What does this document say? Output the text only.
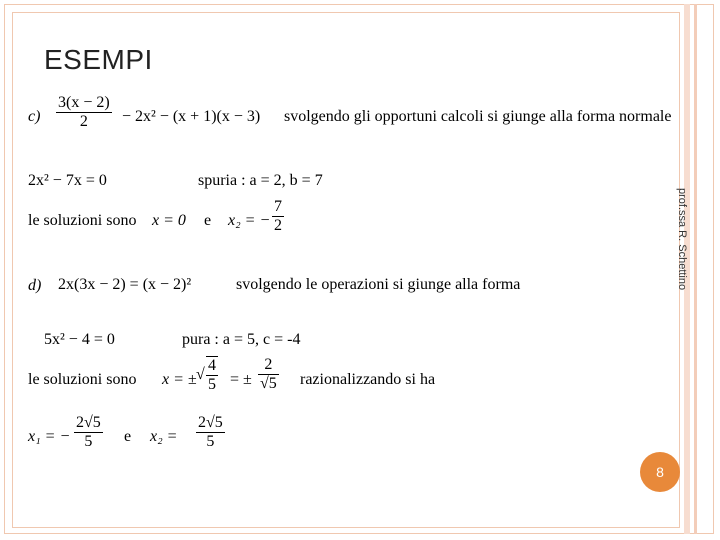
ESEMPI
prof.ssa R. Schettino
8
$c) \frac{3(x - 2)}{2} - 2x^2 - (x + 1)(x - 3)$ svolgendo gli opportuni calcoli si giunge alla forma normale
2x² − 7x = 0	spuria : a = 2, b = 7
le soluzioni sono x = 0 e x₂ = − $\frac{7}{2}$
d) 2x(3x − 2) = (x − 2)²	svolgendo le operazioni si giunge alla forma
5x² − 4 = 0	pura : a = 5, c = -4
le soluzioni sono x = ± √ $\frac{4}{5}$ = ± $\frac{2}{√5}$ razionalizzando si ha
x₁ = − $\frac{2√5}{5}$ e $x_2 = \frac{2√5}{5}$
